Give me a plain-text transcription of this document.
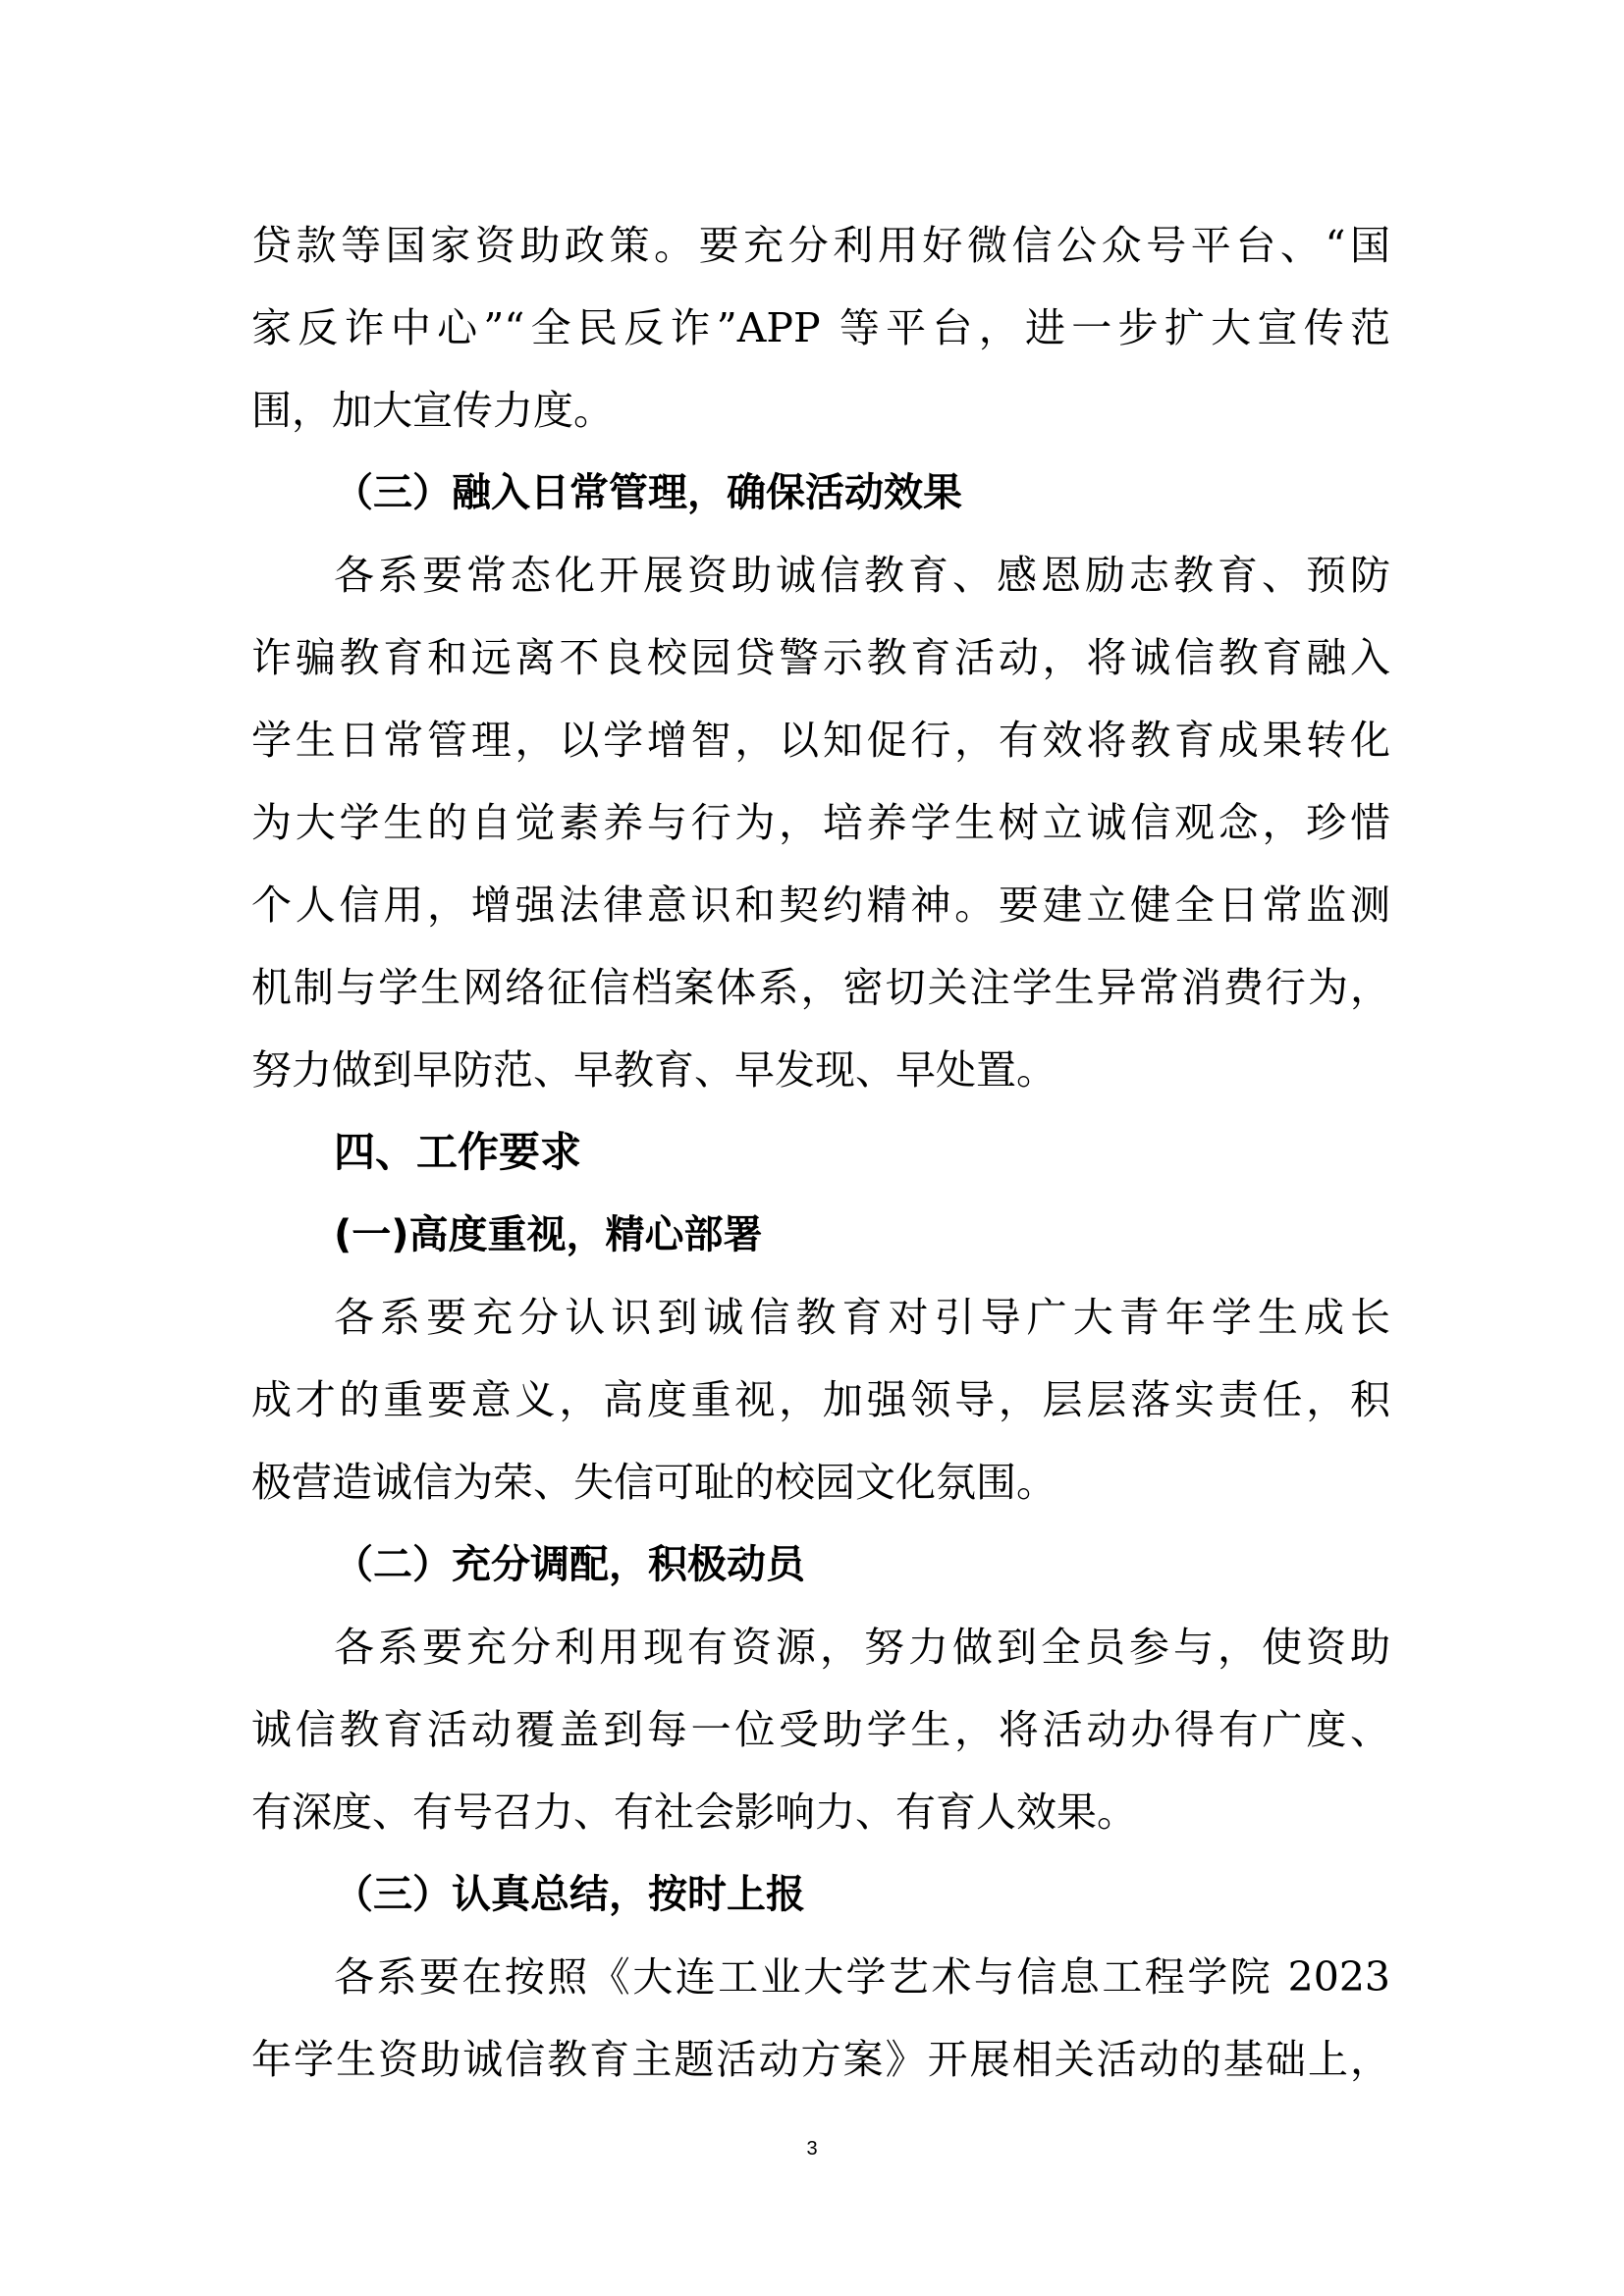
贷款等国家资助政策。要充分利用好微信公众号平台、“国
家反诈中心”“全民反诈”APP 等平台，进一步扩大宣传范
围，加大宣传力度。
（三）融入日常管理，确保活动效果
各系要常态化开展资助诚信教育、感恩励志教育、预防
诈骗教育和远离不良校园贷警示教育活动，将诚信教育融入
学生日常管理，以学增智，以知促行，有效将教育成果转化
为大学生的自觉素养与行为，培养学生树立诚信观念，珍惜
个人信用，增强法律意识和契约精神。要建立健全日常监测
机制与学生网络征信档案体系，密切关注学生异常消费行为，
努力做到早防范、早教育、早发现、早处置。
四、工作要求
(一)高度重视，精心部署
各系要充分认识到诚信教育对引导广大青年学生成长
成才的重要意义，高度重视，加强领导，层层落实责任，积
极营造诚信为荣、失信可耻的校园文化氛围。
（二）充分调配，积极动员
各系要充分利用现有资源，努力做到全员参与，使资助
诚信教育活动覆盖到每一位受助学生，将活动办得有广度、
有深度、有号召力、有社会影响力、有育人效果。
（三）认真总结，按时上报
各系要在按照《大连工业大学艺术与信息工程学院 2023
年学生资助诚信教育主题活动方案》开展相关活动的基础上，
3
